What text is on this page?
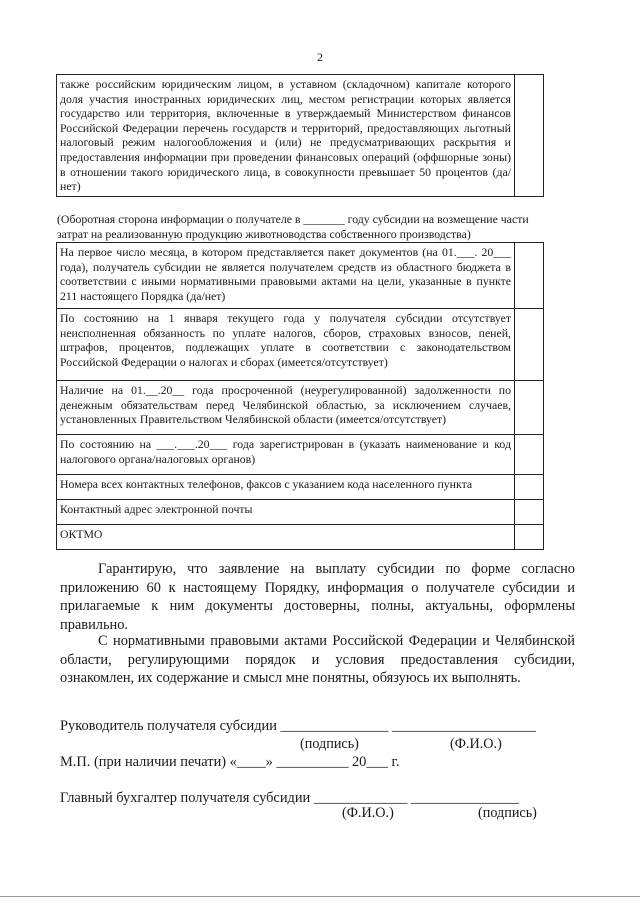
2
также российским юридическим лицом, в уставном (складочном) капитале которого доля участия иностранных юридических лиц, местом регистрации которых является государство или территория, включенные в утверждаемый Министерством финансов Российской Федерации перечень государств и территорий, предоставляющих льготный налоговый режим налогообложения и (или) не предусматривающих раскрытия и предоставления информации при проведении финансовых операций (оффшорные зоны) в отношении такого юридического лица, в совокупности превышает 50 процентов (да/нет)	
(Оборотная сторона информации о получателе в _______ году субсидии на возмещение части затрат на реализованную продукцию животноводства собственного производства)
На первое число месяца, в котором представляется пакет документов (на 01.___. 20___ года), получатель субсидии не является получателем средств из областного бюджета в соответствии с иными нормативными правовыми актами на цели, указанные в пункте 211 настоящего Порядка (да/нет)	
По состоянию на 1 января текущего года у получателя субсидии отсутствует неисполненная обязанность по уплате налогов, сборов, страховых взносов, пеней, штрафов, процентов, подлежащих уплате в соответствии с законодательством Российской Федерации о налогах и сборах (имеется/отсутствует)	
Наличие на 01.__.20__ года просроченной (неурегулированной) задолженности по денежным обязательствам перед Челябинской областью, за исключением случаев, установленных Правительством Челябинской области (имеется/отсутствует)	
По состоянию на ___.___.20___ года зарегистрирован в (указать наименование и код налогового органа/налоговых органов)	
Номера всех контактных телефонов, факсов с указанием кода населенного пункта	
Контактный адрес электронной почты	
ОКТМО	
Гарантирую, что заявление на выплату субсидии по форме согласно приложению 60 к настоящему Порядку, информация о получателе субсидии и прилагаемые к ним документы достоверны, полны, актуальны, оформлены правильно.
С нормативными правовыми актами Российской Федерации и Челябинской области, регулирующими порядок и условия предоставления субсидии, ознакомлен, их содержание и смысл мне понятны, обязуюсь их выполнять.
Руководитель получателя субсидии _______________ ____________________
(подпись)	(Ф.И.О.)
М.П. (при наличии печати) «____» __________ 20___ г.
Главный бухгалтер получателя субсидии _____________ _______________
(Ф.И.О.)	(подпись)
